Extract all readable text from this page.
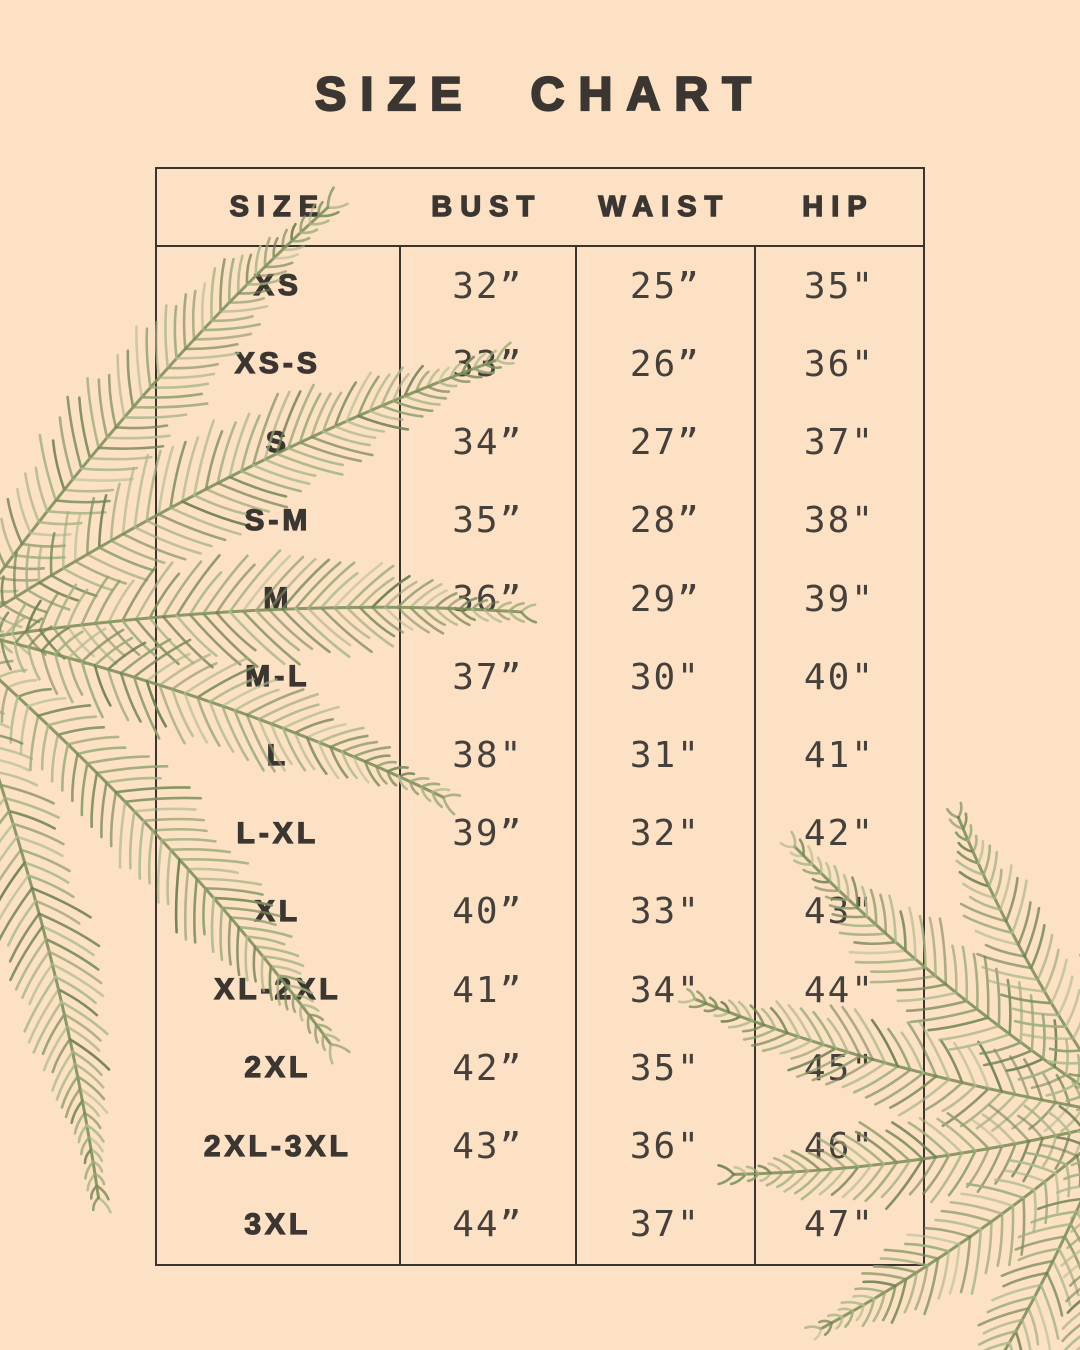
SIZE CHART
SIZE	BUST	WAIST	HIP
XS	32”	25”	35"
XS-S	33”	26”	36"
S	34”	27”	37"
S-M	35”	28”	38"
M	36”	29”	39"
M-L	37”	30"	40"
L	38"	31"	41"
L-XL	39”	32"	42"
XL	40”	33"	43"
XL-2XL	41”	34"	44"
2XL	42”	35"	45"
2XL-3XL	43”	36"	46"
3XL	44”	37"	47"
